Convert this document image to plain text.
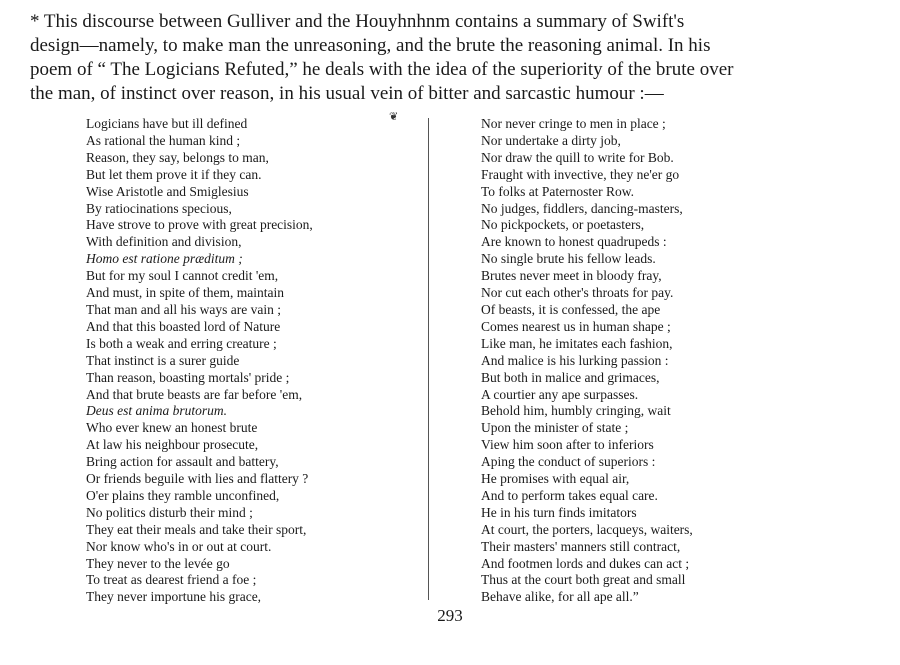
* This discourse between Gulliver and the Houyhnhnm contains a summary of Swift's
design—namely, to make man the unreasoning, and the brute the reasoning animal. In his
poem of “ The Logicians Refuted,” he deals with the idea of the superiority of the brute over
the man, of instinct over reason, in his usual vein of bitter and sarcastic humour :—
❦
Logicians have but ill defined
As rational the human kind ;
Reason, they say, belongs to man,
But let them prove it if they can.
Wise Aristotle and Smiglesius
By ratiocinations specious,
Have strove to prove with great precision,
With definition and division,
Homo est ratione præditum ;
But for my soul I cannot credit 'em,
And must, in spite of them, maintain
That man and all his ways are vain ;
And that this boasted lord of Nature
Is both a weak and erring creature ;
That instinct is a surer guide
Than reason, boasting mortals' pride ;
And that brute beasts are far before 'em,
Deus est anima brutorum.
Who ever knew an honest brute
At law his neighbour prosecute,
Bring action for assault and battery,
Or friends beguile with lies and flattery ?
O'er plains they ramble unconfined,
No politics disturb their mind ;
They eat their meals and take their sport,
Nor know who's in or out at court.
They never to the levée go
To treat as dearest friend a foe ;
They never importune his grace,
Nor never cringe to men in place ;
Nor undertake a dirty job,
Nor draw the quill to write for Bob.
Fraught with invective, they ne'er go
To folks at Paternoster Row.
No judges, fiddlers, dancing-masters,
No pickpockets, or poetasters,
Are known to honest quadrupeds :
No single brute his fellow leads.
Brutes never meet in bloody fray,
Nor cut each other's throats for pay.
Of beasts, it is confessed, the ape
Comes nearest us in human shape ;
Like man, he imitates each fashion,
And malice is his lurking passion :
But both in malice and grimaces,
A courtier any ape surpasses.
Behold him, humbly cringing, wait
Upon the minister of state ;
View him soon after to inferiors
Aping the conduct of superiors :
He promises with equal air,
And to perform takes equal care.
He in his turn finds imitators
At court, the porters, lacqueys, waiters,
Their masters' manners still contract,
And footmen lords and dukes can act ;
Thus at the court both great and small
Behave alike, for all ape all.”
293
